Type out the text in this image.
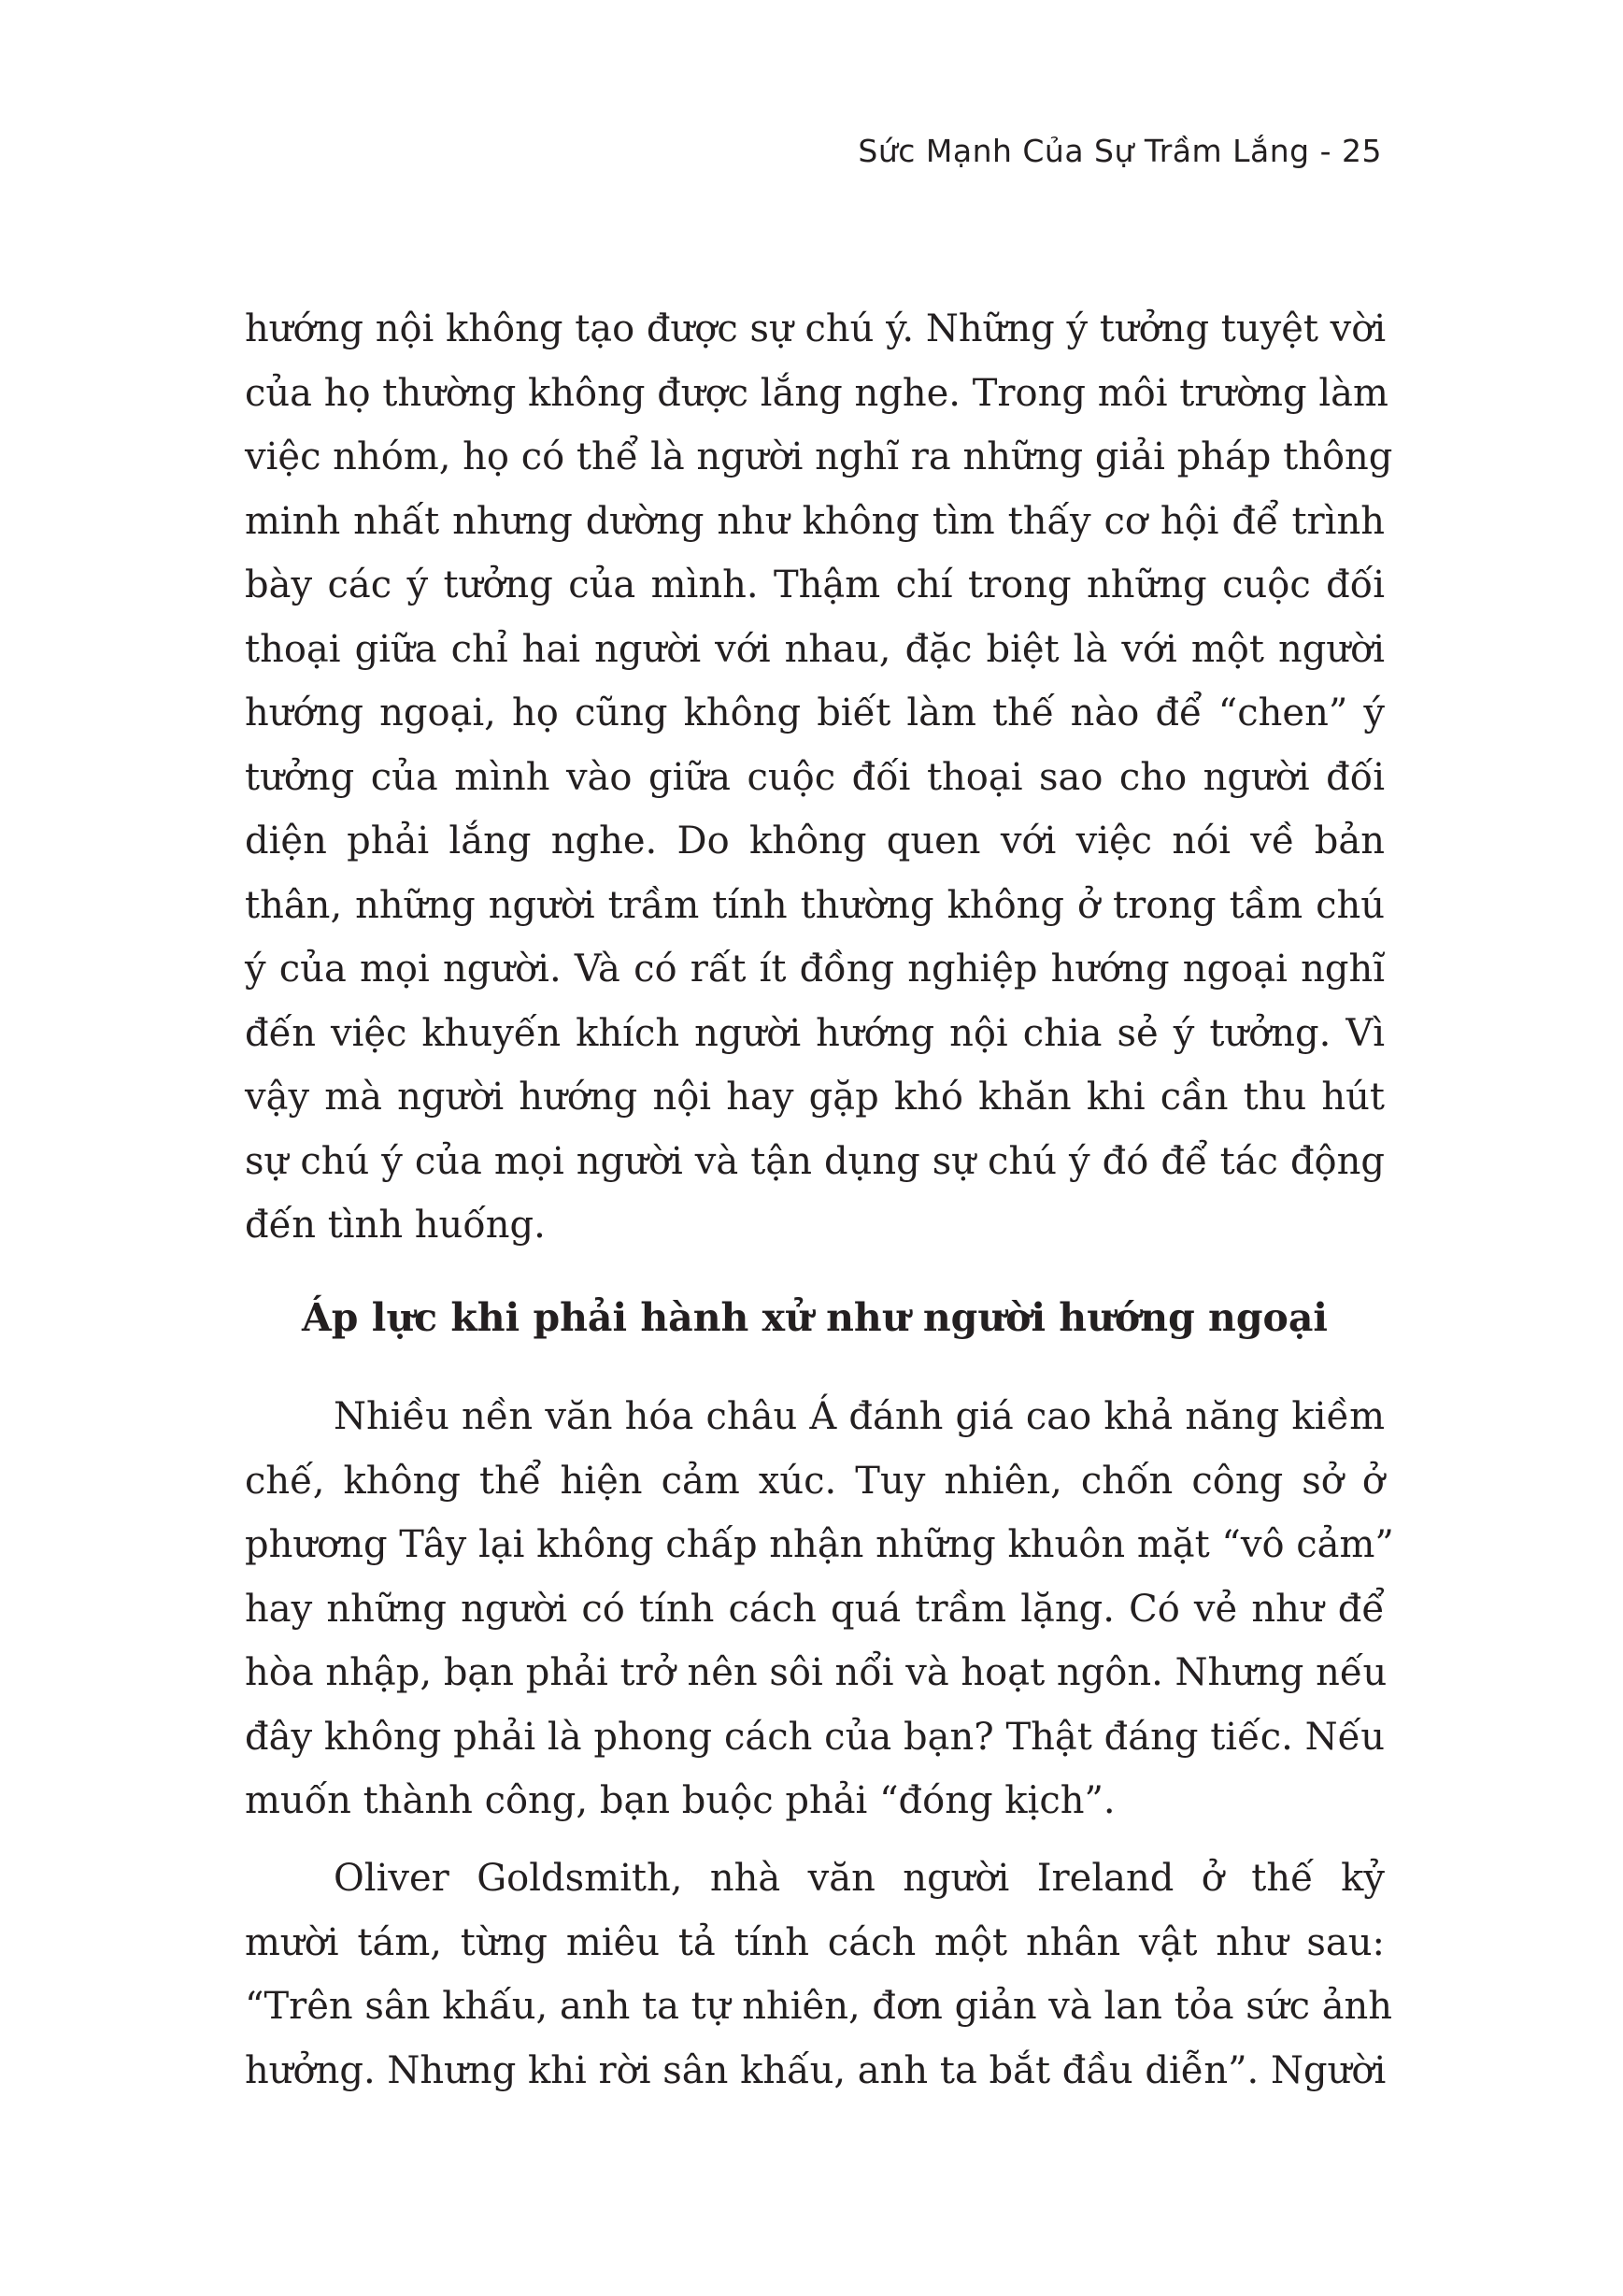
Sức Mạnh Của Sự Trầm Lắng - 25
hướng nội không tạo được sự chú ý. Những ý tưởng tuyệt vời
của họ thường không được lắng nghe. Trong môi trường làm
việc nhóm, họ có thể là người nghĩ ra những giải pháp thông
minh nhất nhưng dường như không tìm thấy cơ hội để trình
bày các ý tưởng của mình. Thậm chí trong những cuộc đối
thoại giữa chỉ hai người với nhau, đặc biệt là với một người
hướng ngoại, họ cũng không biết làm thế nào để “chen” ý
tưởng của mình vào giữa cuộc đối thoại sao cho người đối
diện phải lắng nghe. Do không quen với việc nói về bản
thân, những người trầm tính thường không ở trong tầm chú
ý của mọi người. Và có rất ít đồng nghiệp hướng ngoại nghĩ
đến việc khuyến khích người hướng nội chia sẻ ý tưởng. Vì
vậy mà người hướng nội hay gặp khó khăn khi cần thu hút
sự chú ý của mọi người và tận dụng sự chú ý đó để tác động
đến tình huống.
Áp lực khi phải hành xử như người hướng ngoại
Nhiều nền văn hóa châu Á đánh giá cao khả năng kiềm
chế, không thể hiện cảm xúc. Tuy nhiên, chốn công sở ở
phương Tây lại không chấp nhận những khuôn mặt “vô cảm”
hay những người có tính cách quá trầm lặng. Có vẻ như để
hòa nhập, bạn phải trở nên sôi nổi và hoạt ngôn. Nhưng nếu
đây không phải là phong cách của bạn? Thật đáng tiếc. Nếu
muốn thành công, bạn buộc phải “đóng kịch”.
Oliver Goldsmith, nhà văn người Ireland ở thế kỷ
mười tám, từng miêu tả tính cách một nhân vật như sau:
“Trên sân khấu, anh ta tự nhiên, đơn giản và lan tỏa sức ảnh
hưởng. Nhưng khi rời sân khấu, anh ta bắt đầu diễn”. Người
